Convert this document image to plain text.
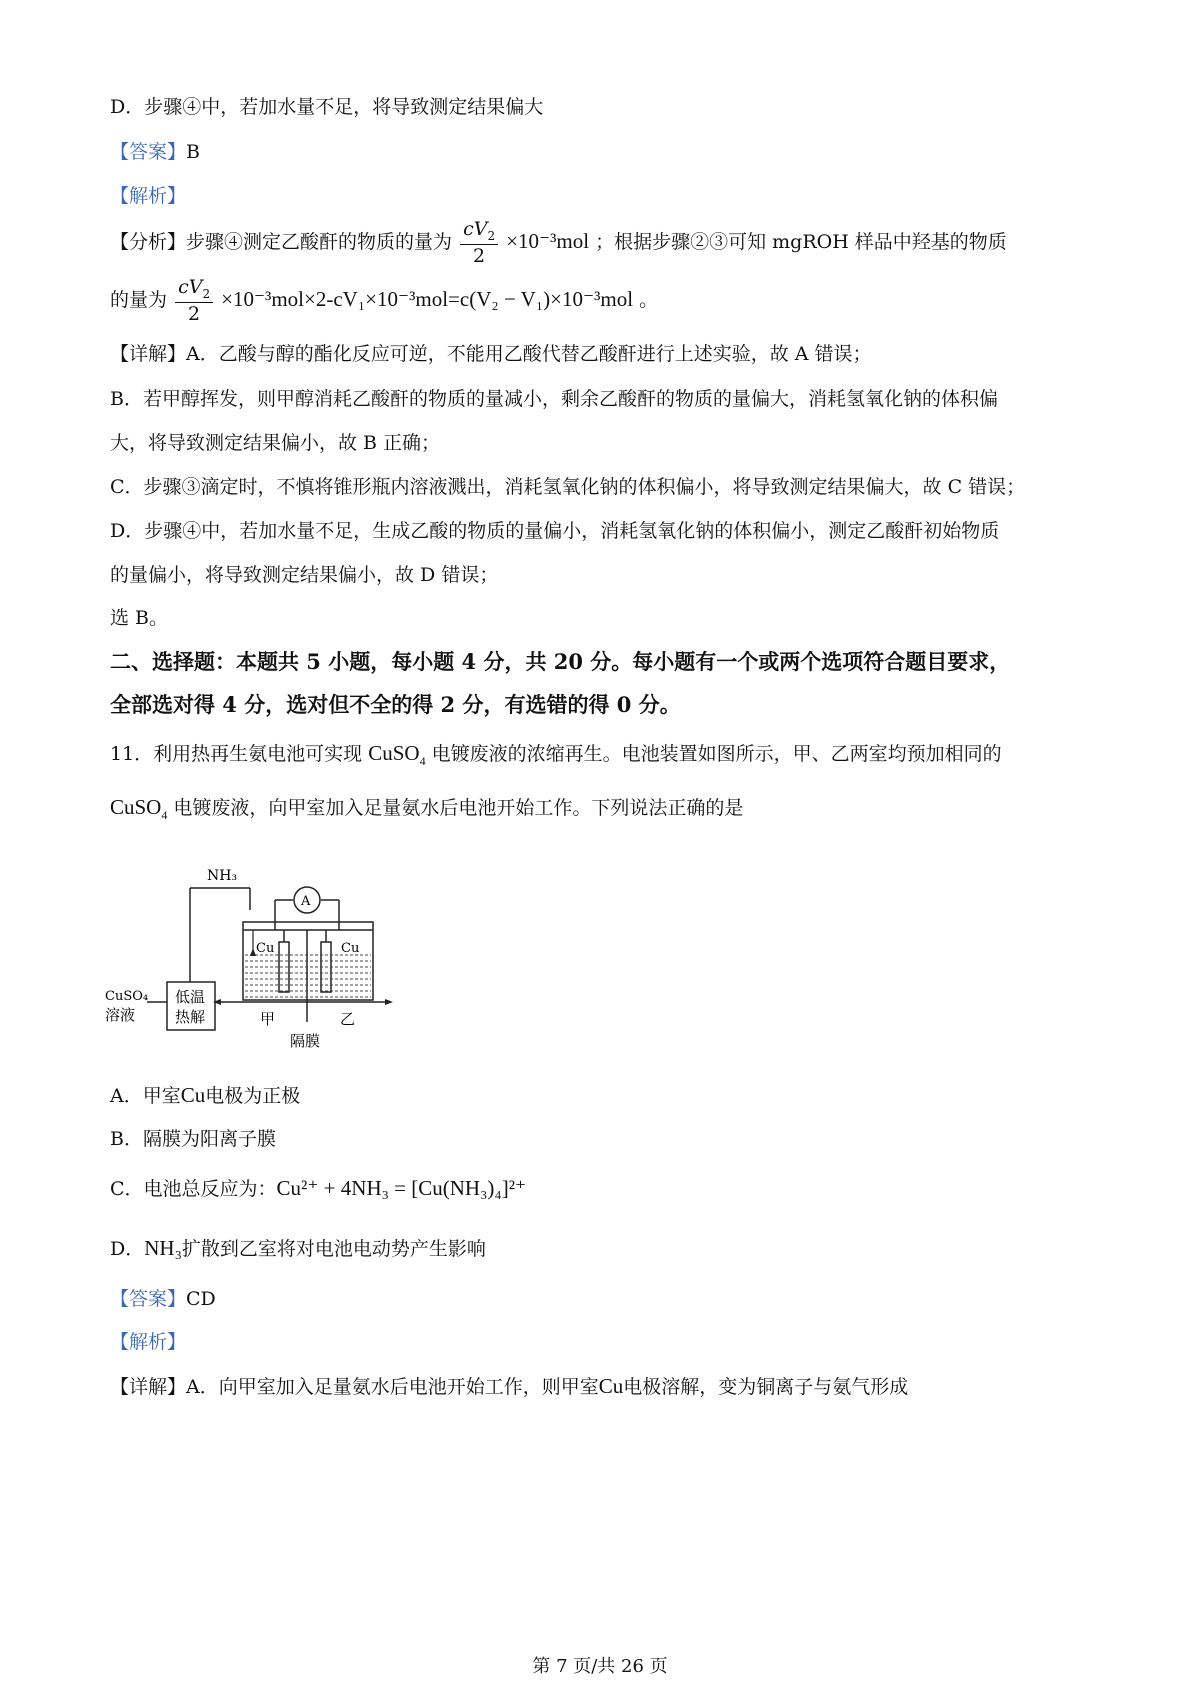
D．步骤④中，若加水量不足，将导致测定结果偏大
【答案】B
【解析】
【分析】步骤④测定乙酸酐的物质的量为 $\frac{cV_2}{2} \times 10^{-3}mol$ ；根据步骤②③可知 mgROH 样品中羟基的物质
的量为 $\frac{cV_2}{2} \times 10^{-3}mol\times 2-cV_1\times 10^{-3}mol=c(V_2 - V_1)\times 10^{-3}mol$ 。
【详解】A．乙酸与醇的酯化反应可逆，不能用乙酸代替乙酸酐进行上述实验，故 A 错误；
B．若甲醇挥发，则甲醇消耗乙酸酐的物质的量减小，剩余乙酸酐的物质的量偏大，消耗氢氧化钠的体积偏
大，将导致测定结果偏小，故 B 正确；
C．步骤③滴定时，不慎将锥形瓶内溶液溅出，消耗氢氧化钠的体积偏小，将导致测定结果偏大，故 C 错误；
D．步骤④中，若加水量不足，生成乙酸的物质的量偏小，消耗氢氧化钠的体积偏小，测定乙酸酐初始物质
的量偏小，将导致测定结果偏小，故 D 错误；
选 B。
二、选择题：本题共 5 小题，每小题 4 分，共 20 分。每小题有一个或两个选项符合题目要求，
全部选对得 4 分，选对但不全的得 2 分，有选错的得 0 分。
11．利用热再生氨电池可实现 CuSO$_4$ 电镀废液的浓缩再生。电池装置如图所示，甲、乙两室均预加相同的
CuSO$_4$ 电镀废液，向甲室加入足量氨水后电池开始工作。下列说法正确的是
NH₃
A
Cu	Cu
CuSO₄
溶液
低温
热解	甲	乙
隔膜
A．甲室Cu电极为正极
B．隔膜为阳离子膜
C．电池总反应为：Cu²⁺ + 4NH₃ = [Cu(NH₃)₄]²⁺
D．NH₃扩散到乙室将对电池电动势产生影响
【答案】CD
【解析】
【详解】A．向甲室加入足量氨水后电池开始工作，则甲室Cu电极溶解，变为铜离子与氨气形成
第 7 页/共 26 页
